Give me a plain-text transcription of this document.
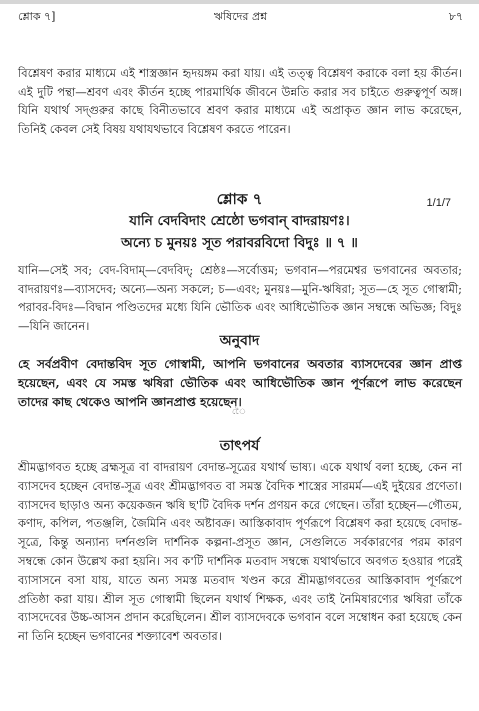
শ্লোক ৭]	ঋষিদের প্রশ্ন	৮৭
বিশ্লেষণ করার মাধ্যমে এই শাস্ত্রজ্ঞান হৃদয়ঙ্গম করা যায়। এই তত্ত্ব বিশ্লেষণ করাকে বলা হয় কীর্তন। এই দুটি পন্থা—শ্রবণ এবং কীর্তন হচ্ছে পারমার্থিক জীবনে উন্নতি করার সব চাইতে গুরুত্বপূর্ণ অঙ্গ। যিনি যথার্থ সদ্গুরুর কাছে বিনীতভাবে শ্রবণ করার মাধ্যমে এই অপ্রাকৃত জ্ঞান লাভ করেছেন, তিনিই কেবল সেই বিষয় যথাযথভাবে বিশ্লেষণ করতে পারেন।
শ্লোক ৭	1/1/7
যানি বেদবিদাং শ্রেষ্ঠো ভগবান্ বাদরায়ণঃ।
অন্যে চ মুনয়ঃ সূত পরাবরবিদো বিদুঃ ॥ ৭ ॥
যানি—সেই সব; বেদ-বিদাম্—বেদবিদ্; শ্রেষ্ঠঃ—সর্বোত্তম; ভগবান—পরমেশ্বর ভগবানের অবতার; বাদরায়ণঃ—ব্যাসদেব; অন্যে—অন্য সকলে; চ—এবং; মুনয়ঃ—মুনি-ঋষিরা; সূত—হে সূত গোস্বামী; পরাবর-বিদঃ—বিদ্বান পণ্ডিতদের মধ্যে যিনি ভৌতিক এবং আধিভৌতিক জ্ঞান সম্বন্ধে অভিজ্ঞ; বিদুঃ—যিনি জানেন।
অনুবাদ
হে সর্বপ্রবীণ বেদান্তবিদ সূত গোস্বামী, আপনি ভগবানের অবতার ব্যাসদেবের জ্ঞান প্রাপ্ত হয়েছেন, এবং যে সমস্ত ঋষিরা ভৌতিক এবং আধিভৌতিক জ্ঞান পূর্ণরূপে লাভ করেছেন তাদের কাছ থেকেও আপনি জ্ঞানপ্রাপ্ত হয়েছেন।
ৈে
তাৎপর্য
শ্রীমদ্ভাগবত হচ্ছে ব্রহ্মসূত্র বা বাদরায়ণ বেদান্ত-সূত্রের যথার্থ ভাষ্য। একে যথার্থ বলা হচ্ছে, কেন না ব্যাসদেব হচ্ছেন বেদান্ত-সূত্র এবং শ্রীমদ্ভাগবত বা সমস্ত বৈদিক শাস্ত্রের সারমর্ম—এই দুইয়ের প্রণেতা। ব্যাসদেব ছাড়াও অন্য কয়েকজন ঋষি ছ'টি বৈদিক দর্শন প্রণয়ন করে গেছেন। তাঁরা হচ্ছেন—গৌতম, কণাদ, কপিল, পতঞ্জলি, জৈমিনি এবং অষ্টাবক্র। আস্তিকাবাদ পূর্ণরূপে বিশ্লেষণ করা হয়েছে বেদান্ত-সূত্রে, কিন্তু অন্যান্য দর্শনগুলি দার্শনিক কল্পনা-প্রসূত জ্ঞান, সেগুলিতে সর্বকারণের পরম কারণ সম্বন্ধে কোন উল্লেখ করা হয়নি। সব ক'টি দার্শনিক মতবাদ সম্বন্ধে যথার্থভাবে অবগত হওয়ার পরেই ব্যাসাসনে বসা যায়, যাতে অন্য সমস্ত মতবাদ খণ্ডন করে শ্রীমদ্ভাগবতের আস্তিকাবাদ পূর্ণরূপে প্রতিষ্ঠা করা যায়। শ্রীল সূত গোস্বামী ছিলেন যথার্থ শিক্ষক, এবং তাই নৈমিষারণ্যের ঋষিরা তাঁকে ব্যাসদেবের উচ্চ-আসন প্রদান করেছিলেন। শ্রীল ব্যাসদেবকে ভগবান বলে সম্বোধন করা হয়েছে কেন না তিনি হচ্ছেন ভগবানের শক্ত্যাবেশ অবতার।
